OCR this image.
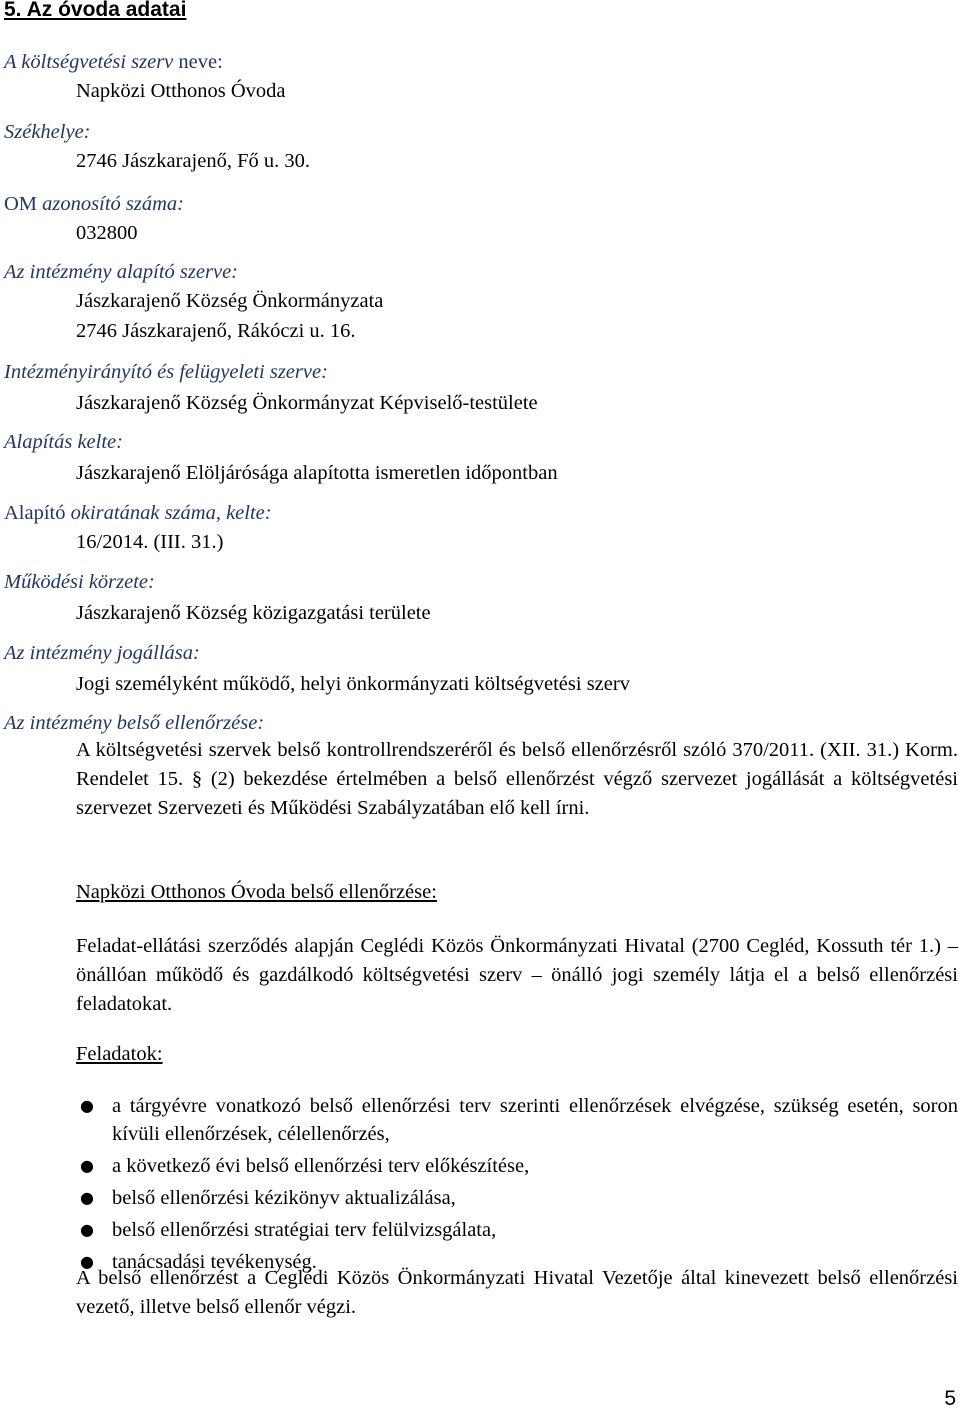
5. Az óvoda adatai

A költségvetési szerv neve:

Napközi Otthonos Óvoda

Székhelye:

2746 Jászkarajenő, Fő u. 30.

OM azonosító száma:

032800

Az intézmény alapító szerve:

Jászkarajenő Község Önkormányzata

2746 Jászkarajenő, Rákóczi u. 16.

Intézményirányító és felügyeleti szerve:

Jászkarajenő Község Önkormányzat Képviselő-testülete

Alapítás kelte:

Jászkarajenő Elöljárósága alapította ismeretlen időpontban

Alapító okiratának száma, kelte:

16/2014. (III. 31.)

Működési körzete:

Jászkarajenő Község közigazgatási területe

Az intézmény jogállása:

Jogi személyként működő, helyi önkormányzati költségvetési szerv

Az intézmény belső ellenőrzése:

A költségvetési szervek belső kontrollrendszeréről és belső ellenőrzésről szóló 370/2011. (XII. 31.) Korm. Rendelet 15. § (2) bekezdése értelmében a belső ellenőrzést végző szervezet jogállását a költségvetési szervezet Szervezeti és Működési Szabályzatában elő kell írni.

Napközi Otthonos Óvoda belső ellenőrzése:

Feladat-ellátási szerződés alapján Ceglédi Közös Önkormányzati Hivatal (2700 Cegléd, Kossuth tér 1.) – önállóan működő és gazdálkodó költségvetési szerv – önálló jogi személy látja el a belső ellenőrzési feladatokat.

Feladatok:

● a tárgyévre vonatkozó belső ellenőrzési terv szerinti ellenőrzések elvégzése, szükség esetén, soron kívüli ellenőrzések, célellenőrzés,
● a következő évi belső ellenőrzési terv előkészítése,
● belső ellenőrzési kézikönyv aktualizálása,
● belső ellenőrzési stratégiai terv felülvizsgálata,
● tanácsadási tevékenység.

A belső ellenőrzést a Ceglédi Közös Önkormányzati Hivatal Vezetője által kinevezett belső ellenőrzési vezető, illetve belső ellenőr végzi.

5
